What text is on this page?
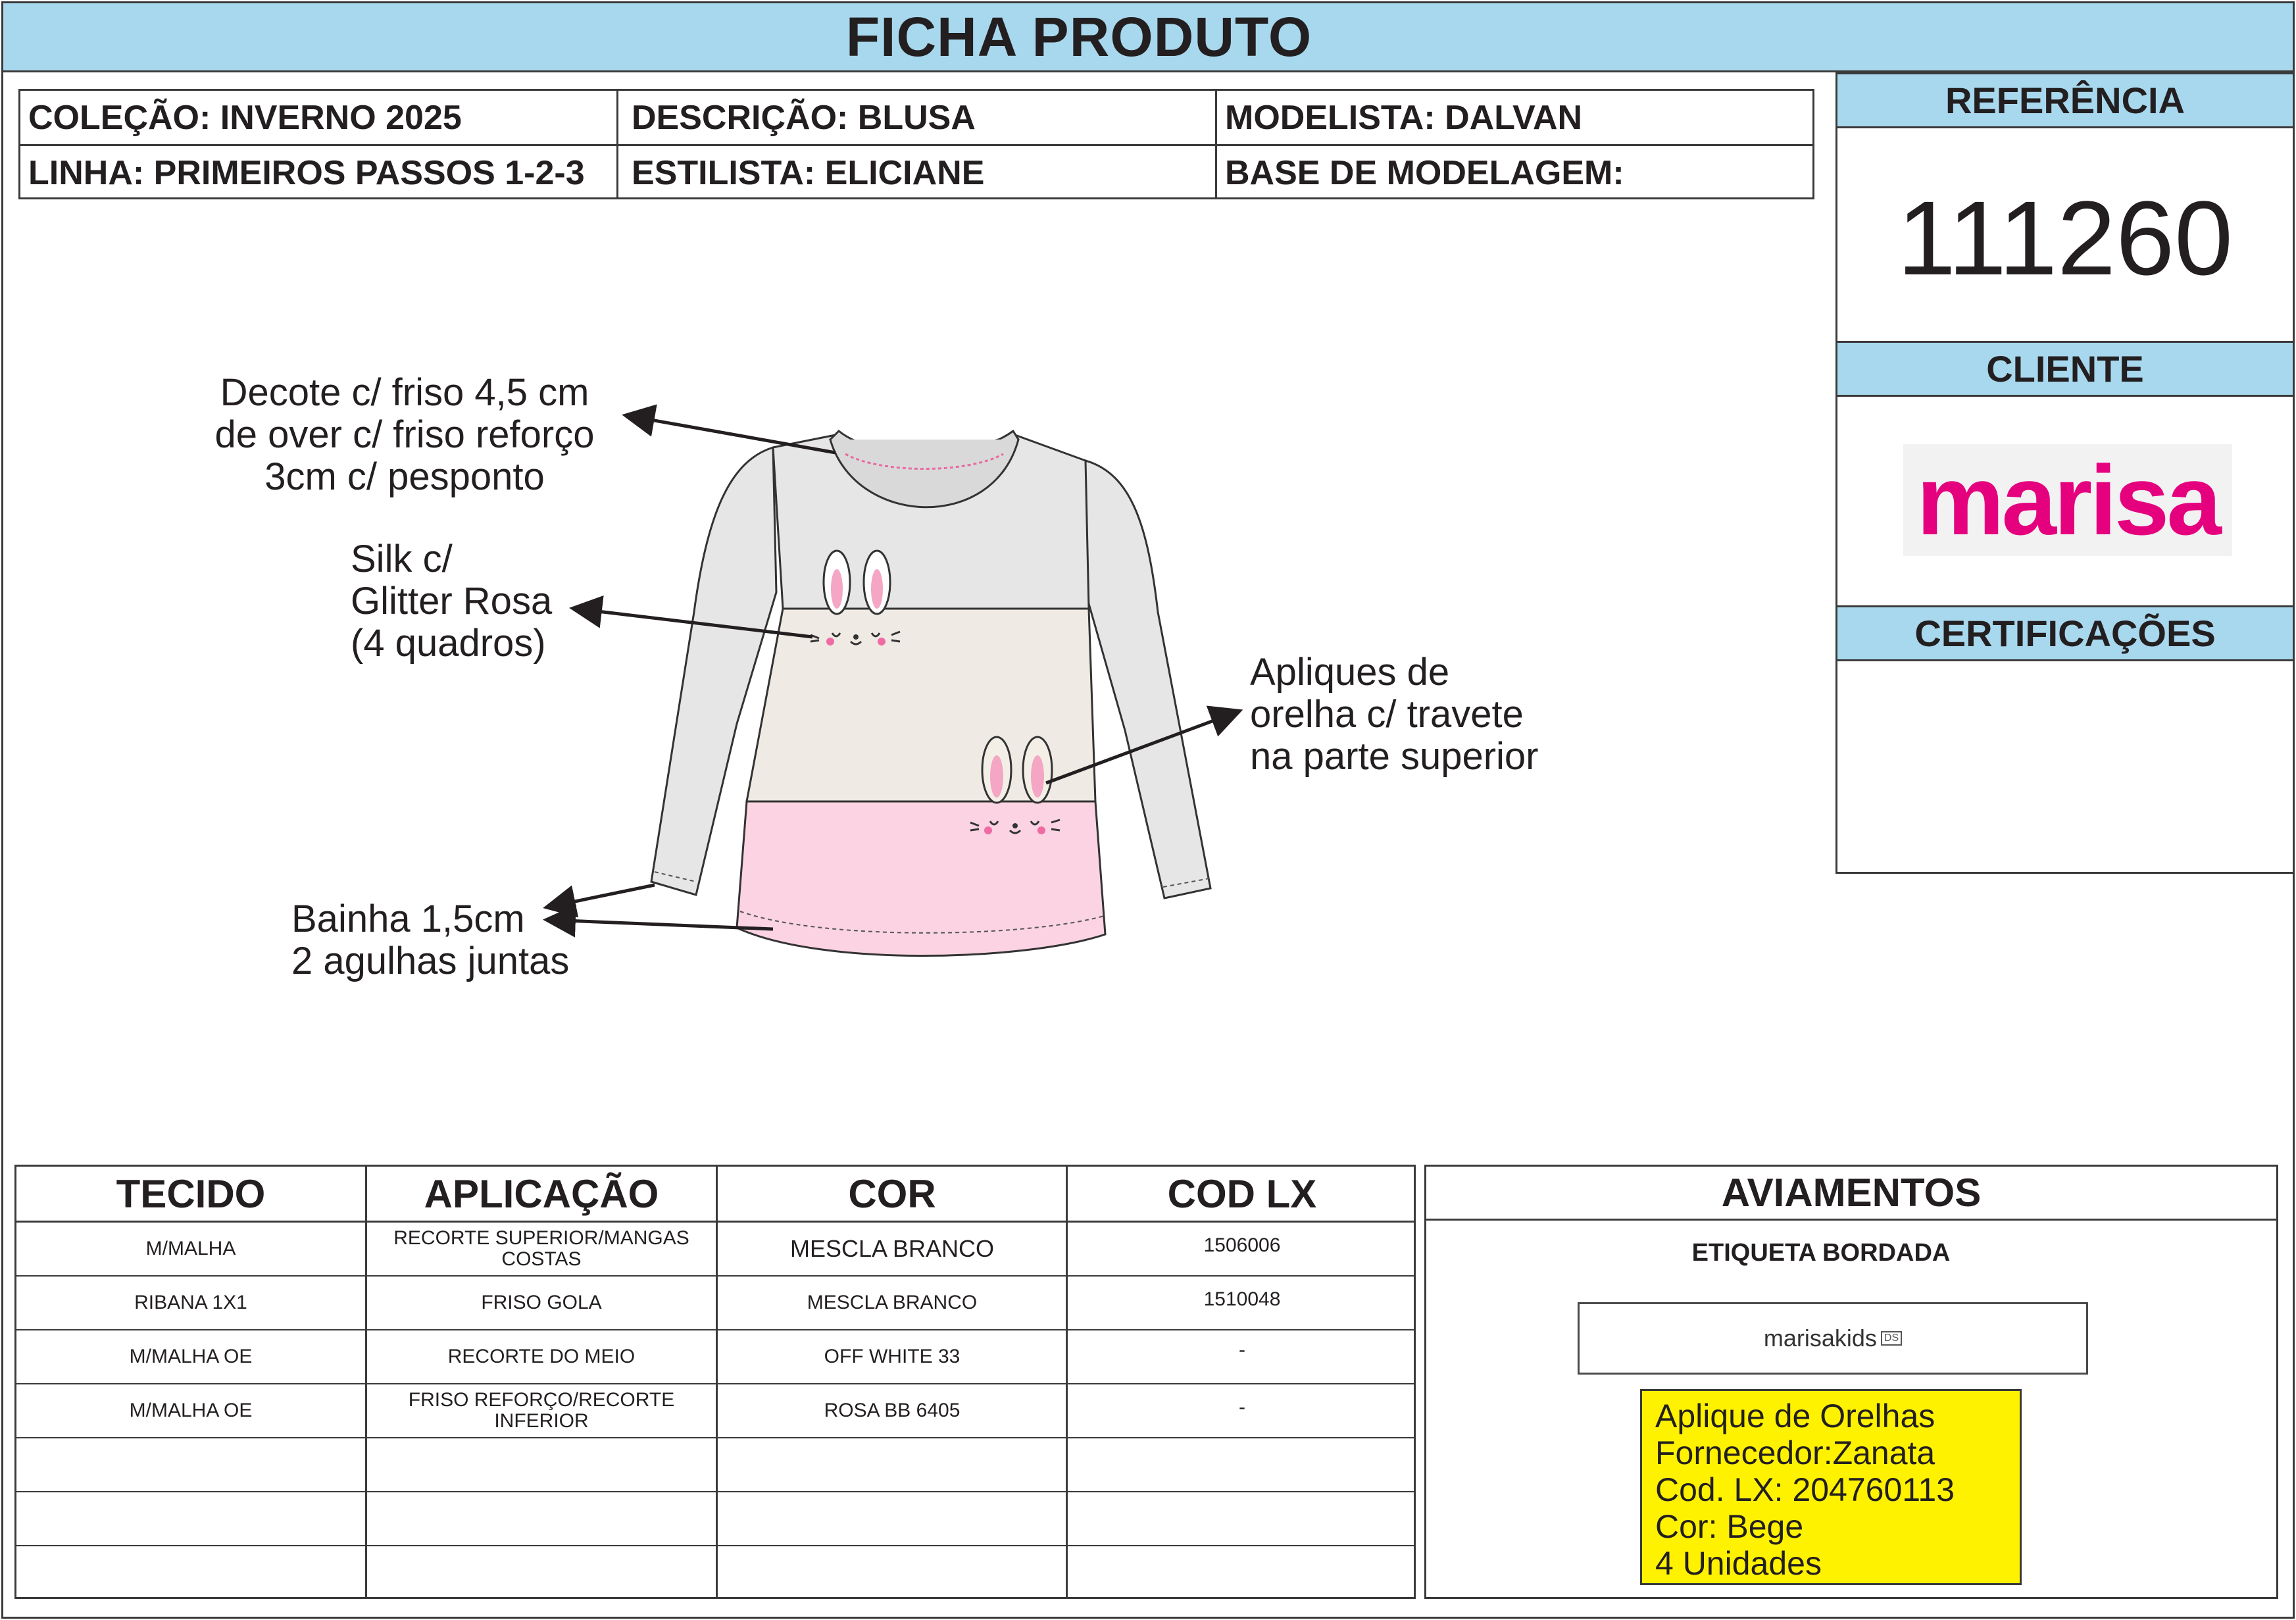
FICHA PRODUTO
COLEÇÃO: INVERNO 2025	DESCRIÇÃO: BLUSA	MODELISTA: DALVAN
LINHA: PRIMEIROS PASSOS 1-2-3	ESTILISTA: ELICIANE	BASE DE MODELAGEM:
REFERÊNCIA
111260
CLIENTE
marisa
CERTIFICAÇÕES
Decote c/ friso 4,5 cm
de over c/ friso reforço
3cm c/ pesponto
Silk c/
Glitter Rosa
(4 quadros)
Apliques de
orelha c/ travete
na parte superior
Bainha 1,5cm
2 agulhas juntas
TECIDO	APLICAÇÃO	COR	COD LX
M/MALHA	RECORTE SUPERIOR/MANGAS COSTAS	MESCLA BRANCO	1506006
RIBANA 1X1	FRISO GOLA	MESCLA BRANCO	1510048
M/MALHA OE	RECORTE DO MEIO	OFF WHITE 33	-
M/MALHA OE	FRISO REFORÇO/RECORTE INFERIOR	ROSA BB 6405	-
AVIAMENTOS
ETIQUETA BORDADA
marisakids DS
Aplique de Orelhas
Fornecedor:Zanata
Cod. LX: 204760113
Cor: Bege
4 Unidades
